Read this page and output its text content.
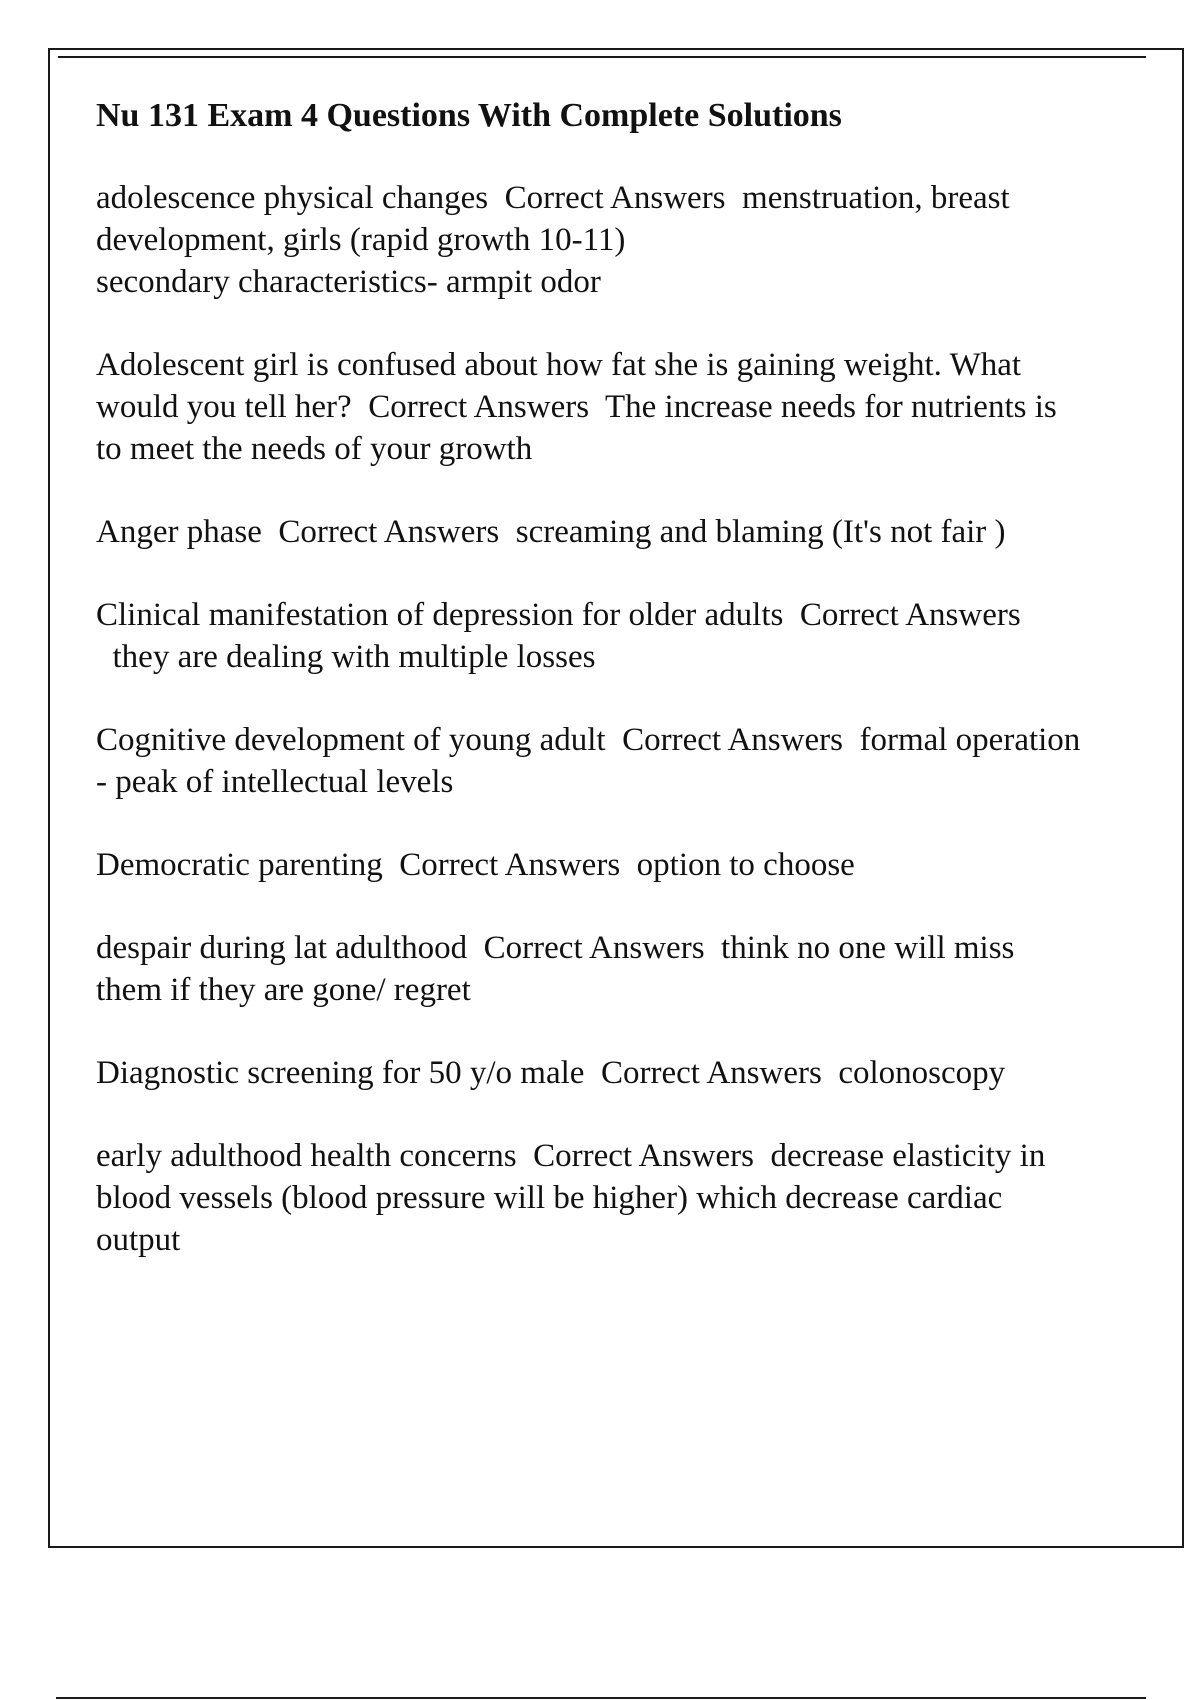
Nu 131 Exam 4 Questions With Complete Solutions
adolescence physical changes Correct Answers menstruation, breast development, girls (rapid growth 10-11)
secondary characteristics- armpit odor
Adolescent girl is confused about how fat she is gaining weight. What would you tell her? Correct Answers The increase needs for nutrients is to meet the needs of your growth
Anger phase Correct Answers screaming and blaming (It's not fair )
Clinical manifestation of depression for older adults Correct Answers  they are dealing with multiple losses
Cognitive development of young adult Correct Answers formal operation - peak of intellectual levels
Democratic parenting Correct Answers option to choose
despair during lat adulthood Correct Answers think no one will miss them if they are gone/ regret
Diagnostic screening for 50 y/o male Correct Answers colonoscopy
early adulthood health concerns Correct Answers decrease elasticity in blood vessels (blood pressure will be higher) which decrease cardiac output
